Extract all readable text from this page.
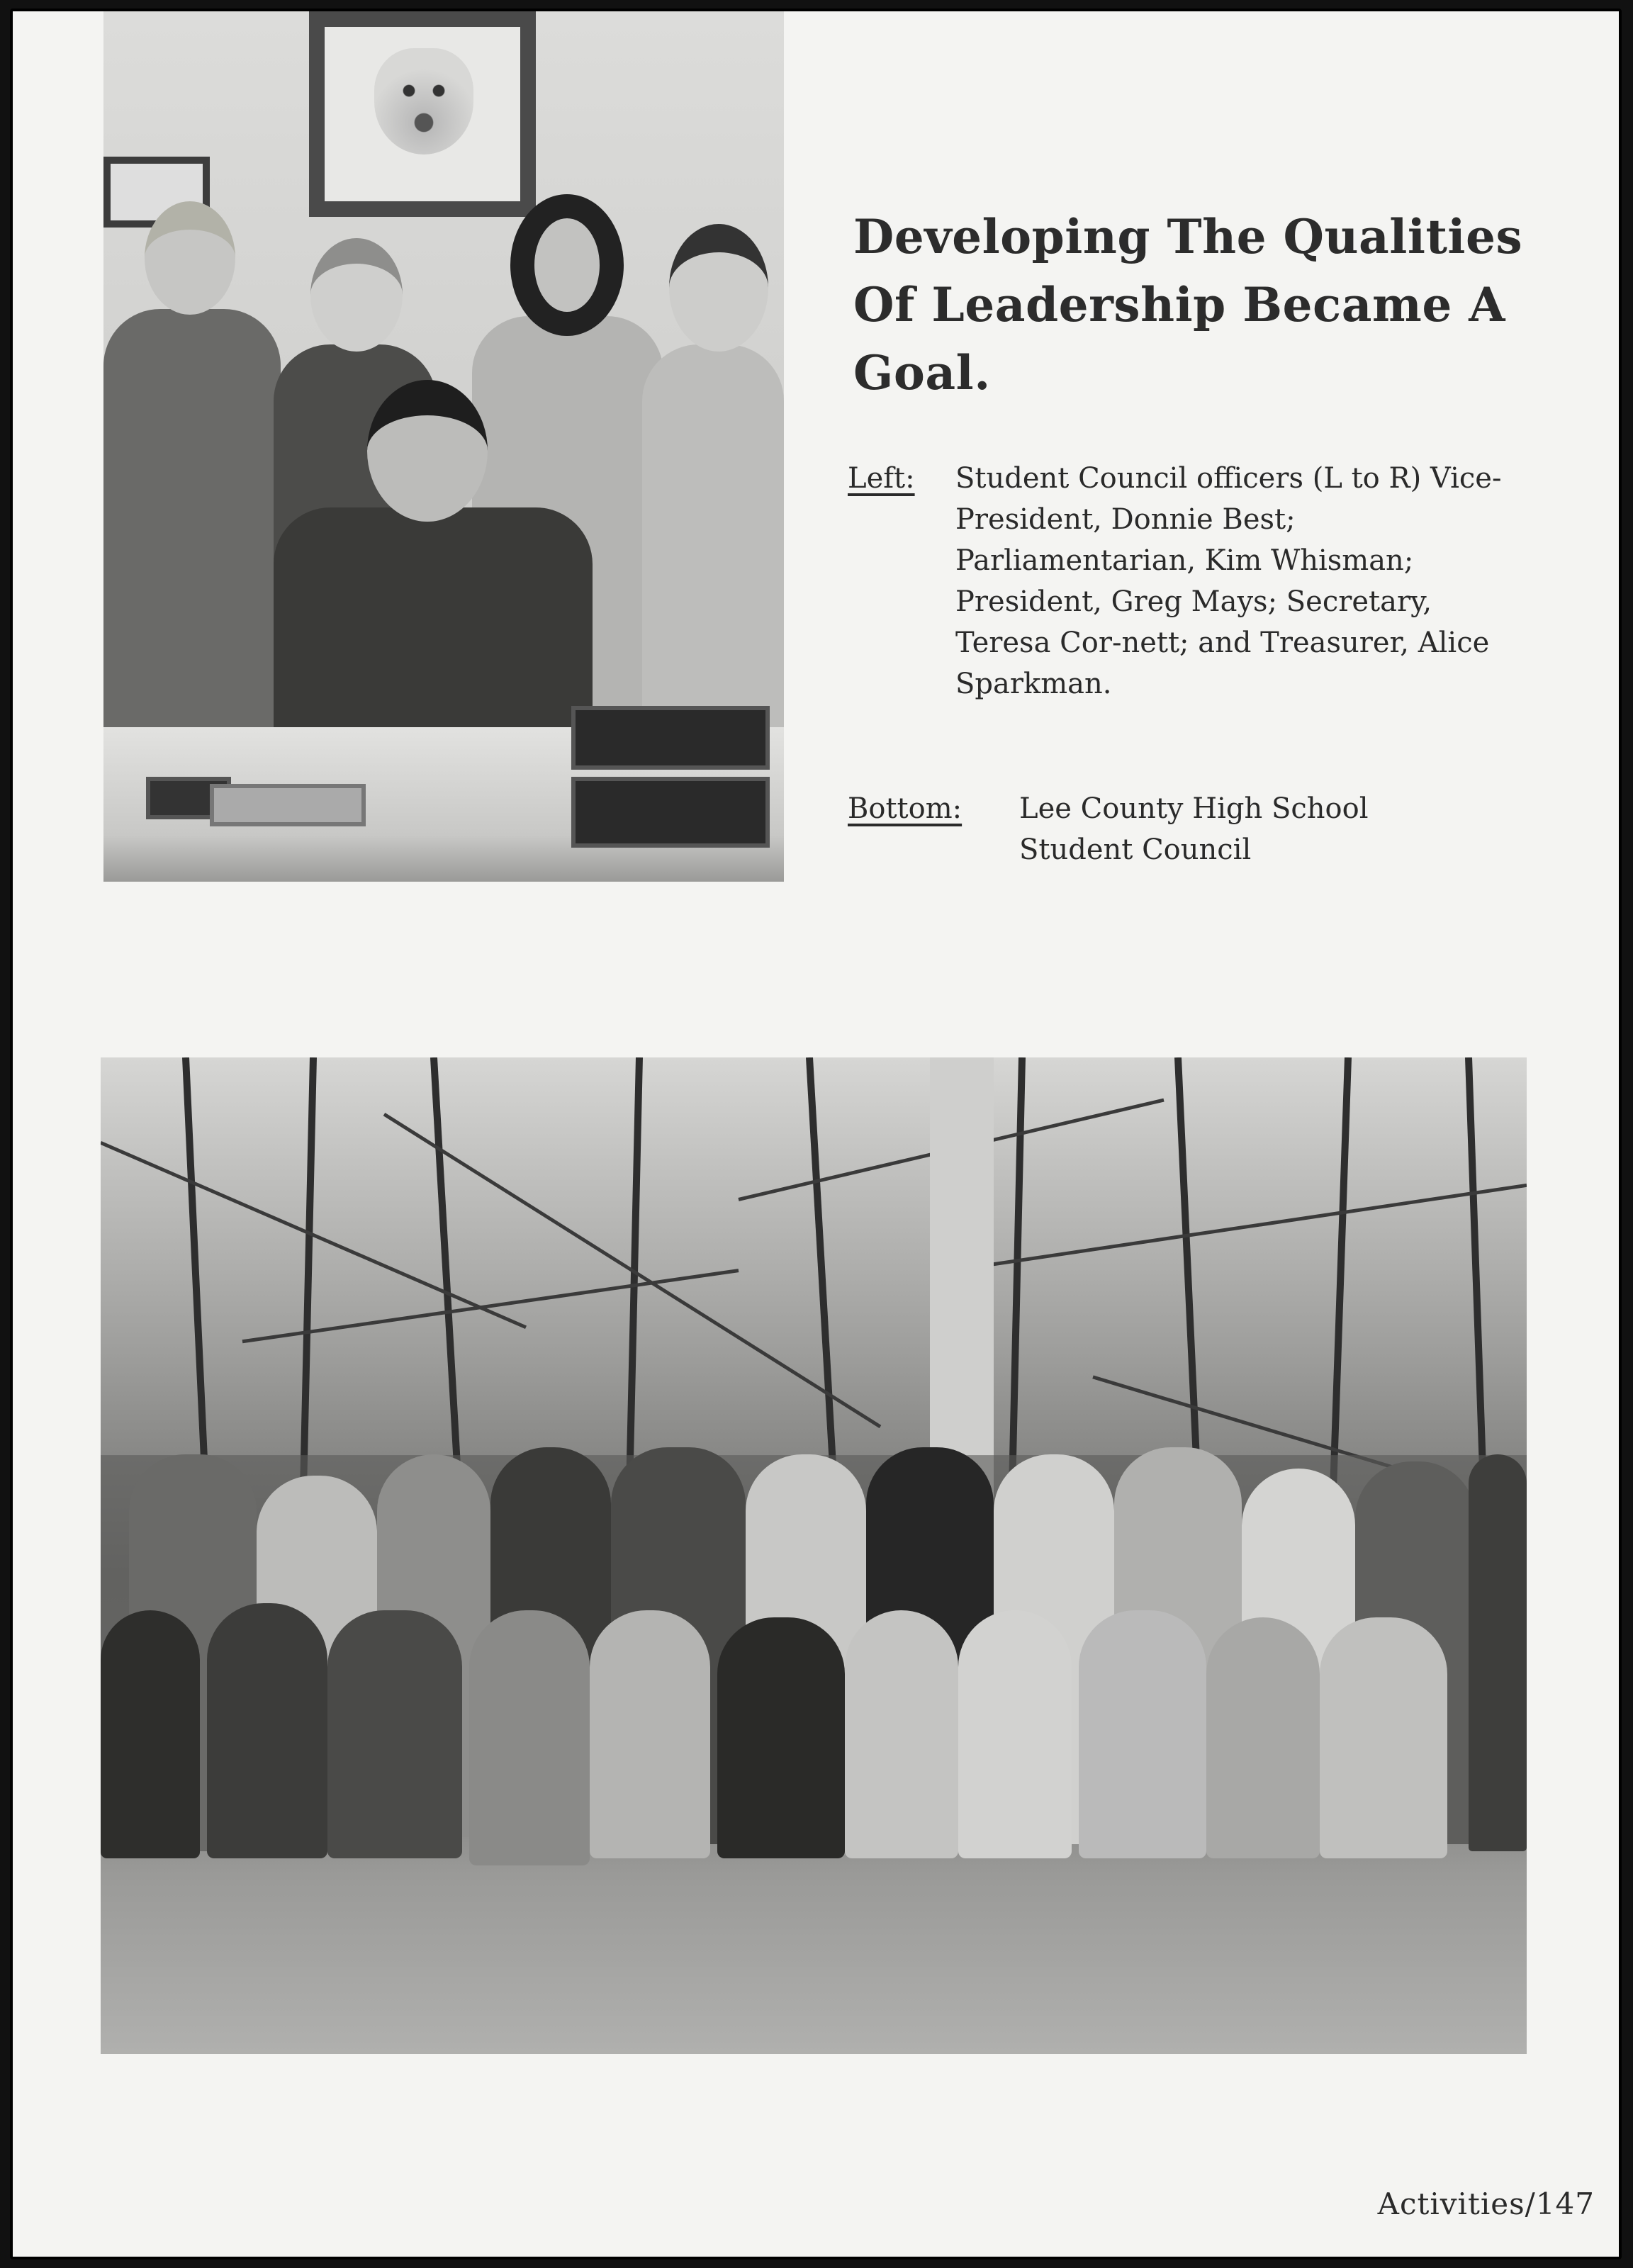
Developing The Qualities
Of Leadership Became A
Goal.
Left: Student Council officers (L to R) Vice-President, Donnie Best; Parliamentarian, Kim Whisman; President, Greg Mays; Secretary, Teresa Cor-nett; and Treasurer, Alice Sparkman.
Bottom: Lee County High School
Student Council
Activities/147
